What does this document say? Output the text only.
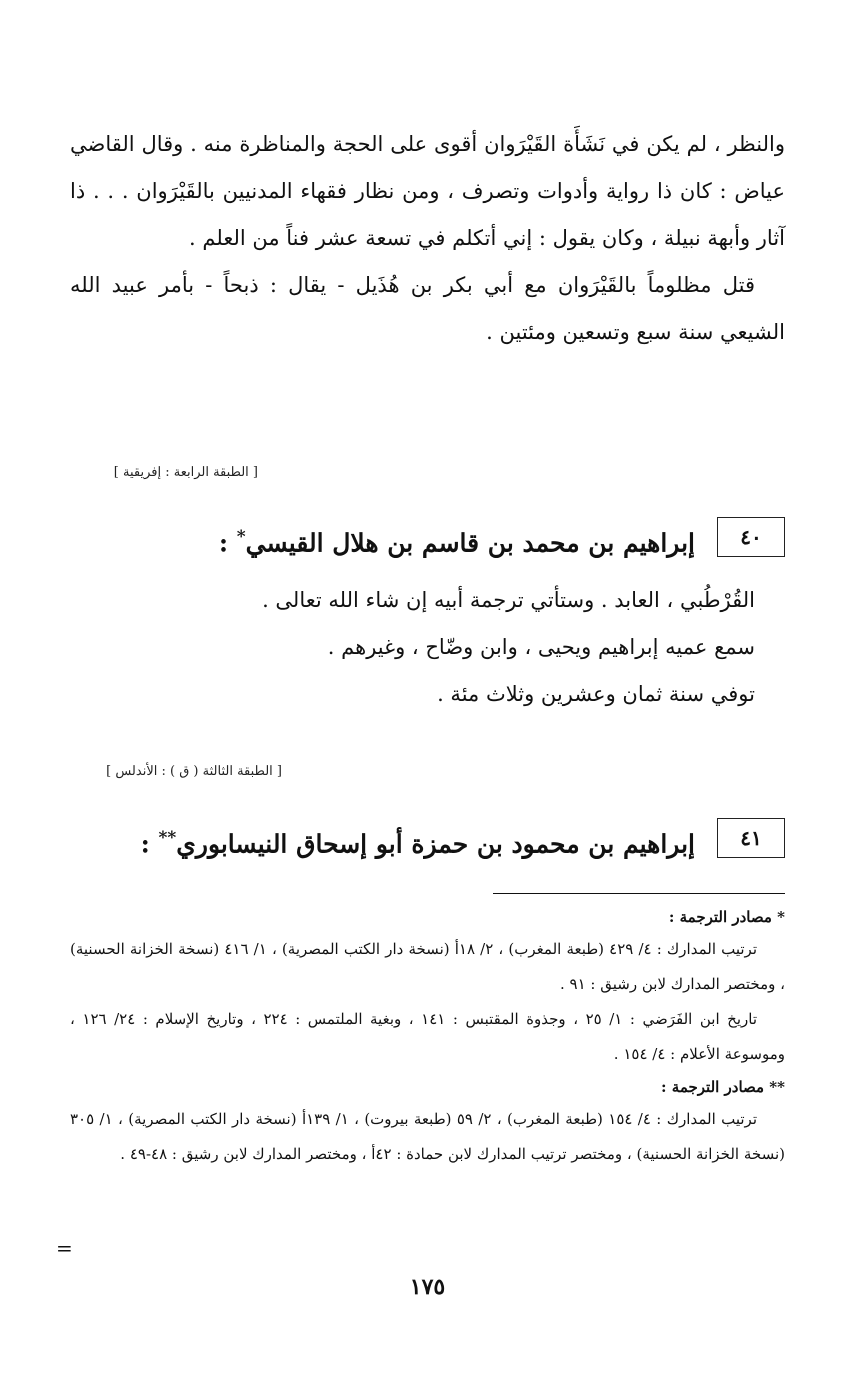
والنظر ، لم يكن في نَشَأَة القَيْرَوان أقوى على الحجة والمناظرة منه . وقال القاضي عياض : كان ذا رواية وأدوات وتصرف ، ومن نظار فقهاء المدنيين بالقَيْرَوان . . . ذا آثار وأبهة نبيلة ، وكان يقول : إني أتكلم في تسعة عشر فناً من العلم .

قتل مظلوماً بالقَيْرَوان مع أبي بكر بن هُذَيل - يقال : ذبحاً - بأمر عبيد الله الشيعي سنة سبع وتسعين ومئتين .

[ الطبقة الرابعة : إفريقية ]
٤٠
إبراهيم بن محمد بن قاسم بن هلال القيسي* :

القُرْطُبي ، العابد . وستأتي ترجمة أبيه إن شاء الله تعالى .

سمع عميه إبراهيم ويحيى ، وابن وضّاح ، وغيرهم .

توفي سنة ثمان وعشرين وثلاث مئة .

[ الطبقة الثالثة ( ق ) : الأندلس ]
٤١
إبراهيم بن محمود بن حمزة أبو إسحاق النيسابوري** :

* مصادر الترجمة :

ترتيب المدارك : ٤/ ٤٢٩ (طبعة المغرب) ، ٢/ ١٨أ (نسخة دار الكتب المصرية) ، ١/ ٤١٦ (نسخة الخزانة الحسنية) ، ومختصر المدارك لابن رشيق : ٩١ .

تاريخ ابن الفَرَضي : ١/ ٢٥ ، وجذوة المقتبس : ١٤١ ، وبغية الملتمس : ٢٢٤ ، وتاريخ الإسلام : ٢٤/ ١٢٦ ، وموسوعة الأعلام : ٤/ ١٥٤ .

** مصادر الترجمة :

ترتيب المدارك : ٤/ ١٥٤ (طبعة المغرب) ، ٢/ ٥٩ (طبعة بيروت) ، ١/ ١٣٩أ (نسخة دار الكتب المصرية) ، ١/ ٣٠٥ (نسخة الخزانة الحسنية) ، ومختصر ترتيب المدارك لابن حمادة : ٤٢أ ، ومختصر المدارك لابن رشيق : ٤٨-٤٩ .

=
١٧٥
